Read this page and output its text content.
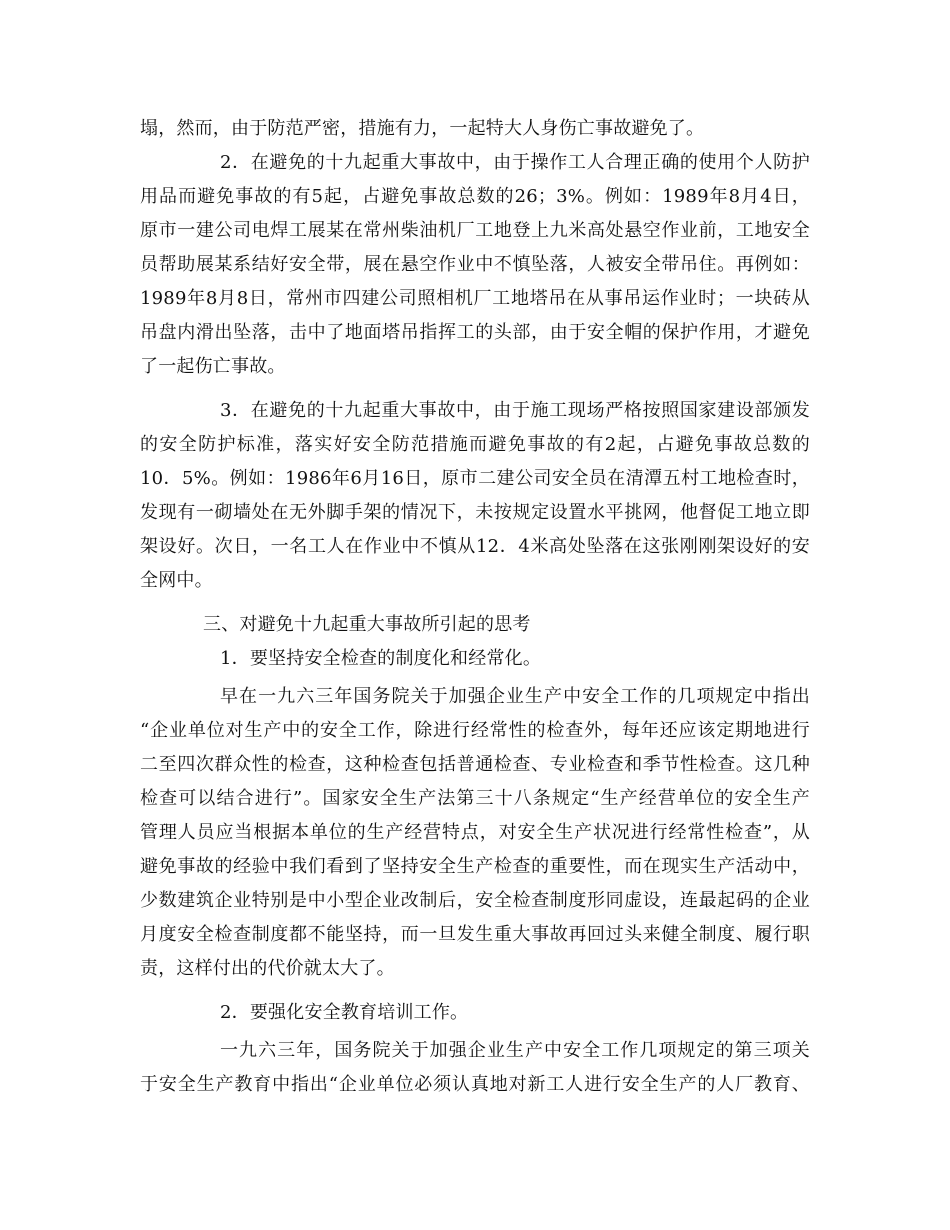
塌，然而，由于防范严密，措施有力，一起特大人身伤亡事故避免了。
2．在避免的十九起重大事故中，由于操作工人合理正确的使用个人防护
用品而避免事故的有5起，占避免事故总数的26；3%。例如：1989年8月4日，
原市一建公司电焊工展某在常州柴油机厂工地登上九米高处悬空作业前，工地安全
员帮助展某系结好安全带，展在悬空作业中不慎坠落，人被安全带吊住。再例如：
1989年8月8日，常州市四建公司照相机厂工地塔吊在从事吊运作业时；一块砖从
吊盘内滑出坠落，击中了地面塔吊指挥工的头部，由于安全帽的保护作用，才避免
了一起伤亡事故。
3．在避免的十九起重大事故中，由于施工现场严格按照国家建设部颁发
的安全防护标准，落实好安全防范措施而避免事故的有2起，占避免事故总数的
10．5%。例如：1986年6月16日，原市二建公司安全员在清潭五村工地检查时，
发现有一砌墙处在无外脚手架的情况下，未按规定设置水平挑网，他督促工地立即
架设好。次日，一名工人在作业中不慎从12．4米高处坠落在这张刚刚架设好的安
全网中。
三、对避免十九起重大事故所引起的思考
1．要坚持安全检查的制度化和经常化。
早在一九六三年国务院关于加强企业生产中安全工作的几项规定中指出
“企业单位对生产中的安全工作，除进行经常性的检查外，每年还应该定期地进行
二至四次群众性的检查，这种检查包括普通检查、专业检查和季节性检查。这几种
检查可以结合进行”。国家安全生产法第三十八条规定“生产经营单位的安全生产
管理人员应当根据本单位的生产经营特点，对安全生产状况进行经常性检查”，从
避免事故的经验中我们看到了坚持安全生产检查的重要性，而在现实生产活动中，
少数建筑企业特别是中小型企业改制后，安全检查制度形同虚设，连最起码的企业
月度安全检查制度都不能坚持，而一旦发生重大事故再回过头来健全制度、履行职
责，这样付出的代价就太大了。
2．要强化安全教育培训工作。
一九六三年，国务院关于加强企业生产中安全工作几项规定的第三项关
于安全生产教育中指出“企业单位必须认真地对新工人进行安全生产的人厂教育、
